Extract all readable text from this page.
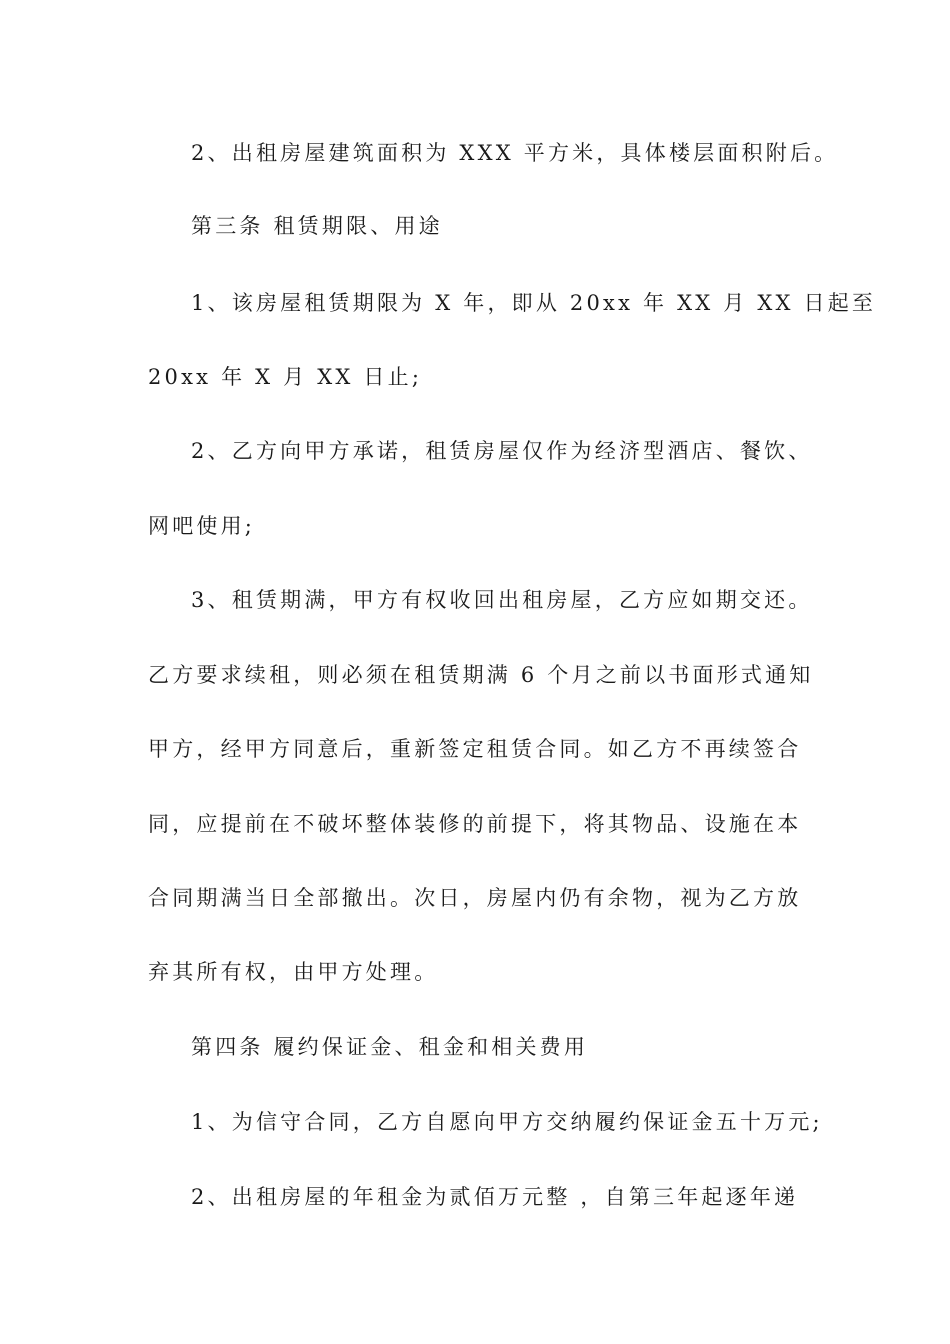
2、出租房屋建筑面积为 XXX 平方米，具体楼层面积附后。
第三条 租赁期限、用途
1、该房屋租赁期限为 X 年，即从 20xx 年 XX 月 XX 日起至
20xx 年 X 月 XX 日止;
2、乙方向甲方承诺，租赁房屋仅作为经济型酒店、餐饮、
网吧使用;
3、租赁期满，甲方有权收回出租房屋，乙方应如期交还。
乙方要求续租，则必须在租赁期满 6 个月之前以书面形式通知
甲方，经甲方同意后，重新签定租赁合同。如乙方不再续签合
同，应提前在不破坏整体装修的前提下，将其物品、设施在本
合同期满当日全部撤出。次日，房屋内仍有余物，视为乙方放
弃其所有权，由甲方处理。
第四条 履约保证金、租金和相关费用
1、为信守合同，乙方自愿向甲方交纳履约保证金五十万元;
2、出租房屋的年租金为贰佰万元整 ，自第三年起逐年递
